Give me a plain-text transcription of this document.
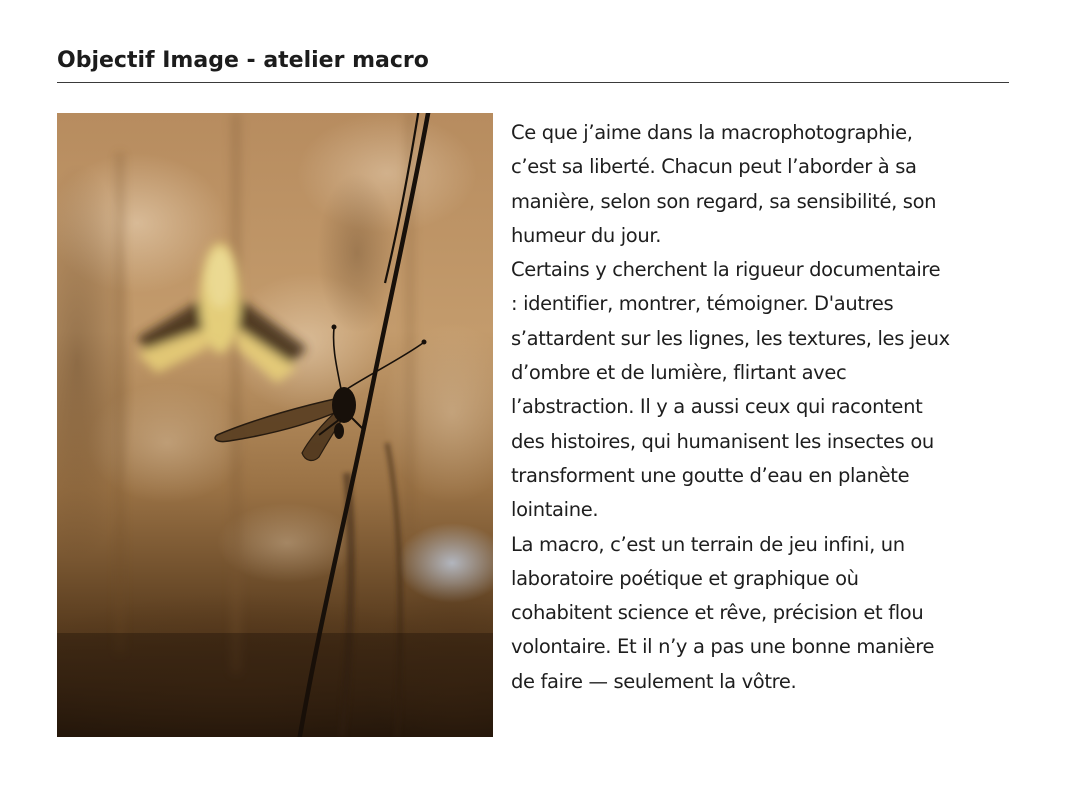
Objectif Image - atelier macro
Ce que j’aime dans la macrophotographie,
c’est sa liberté. Chacun peut l’aborder à sa
manière, selon son regard, sa sensibilité, son
humeur du jour.
Certains y cherchent la rigueur documentaire
: identifier, montrer, témoigner. D'autres
s’attardent sur les lignes, les textures, les jeux
d’ombre et de lumière, flirtant avec
l’abstraction. Il y a aussi ceux qui racontent
des histoires, qui humanisent les insectes ou
transforment une goutte d’eau en planète
lointaine.
La macro, c’est un terrain de jeu infini, un
laboratoire poétique et graphique où
cohabitent science et rêve, précision et flou
volontaire. Et il n’y a pas une bonne manière
de faire — seulement la vôtre.
